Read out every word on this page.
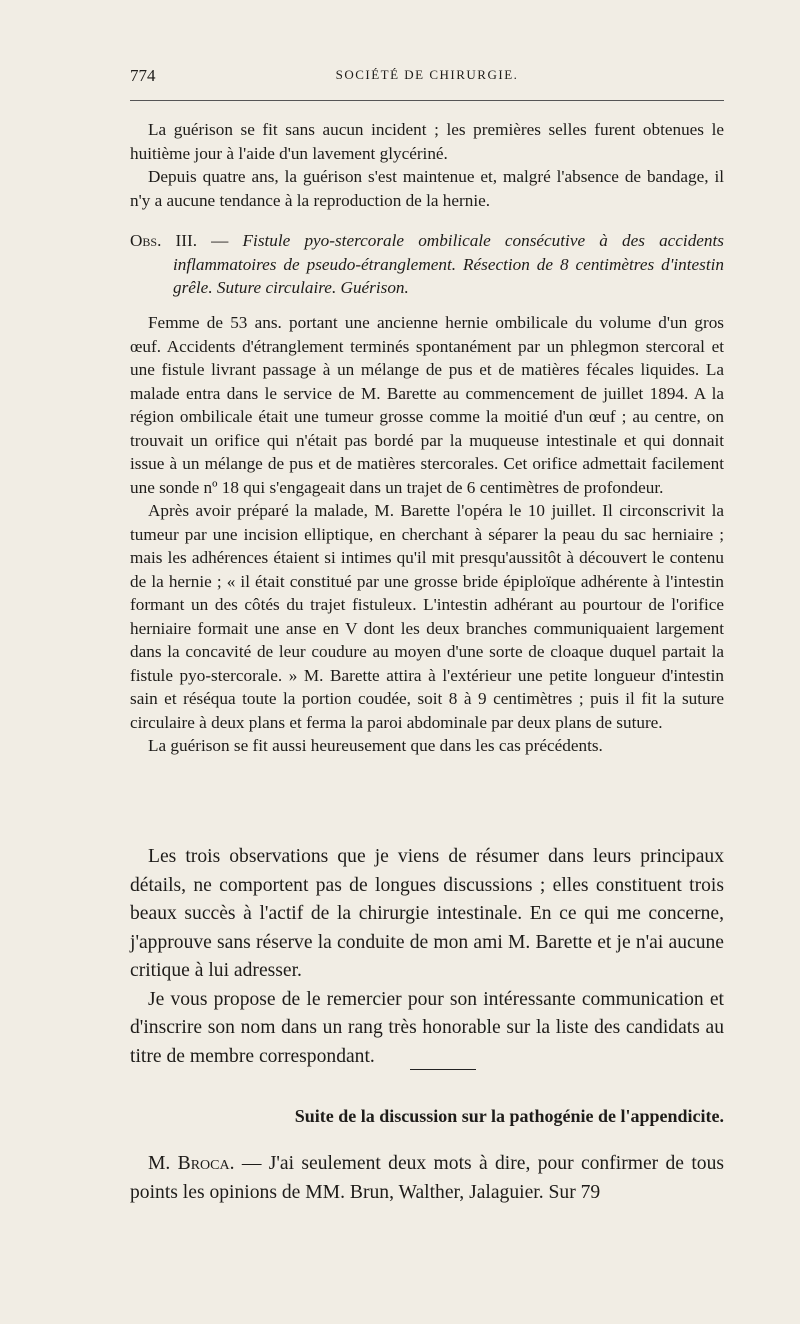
774	SOCIÉTÉ DE CHIRURGIE.

La guérison se fit sans aucun incident ; les premières selles furent obtenues le huitième jour à l'aide d'un lavement glycériné.

Depuis quatre ans, la guérison s'est maintenue et, malgré l'absence de bandage, il n'y a aucune tendance à la reproduction de la hernie.

Obs. III. — Fistule pyo-stercorale ombilicale consécutive à des accidents inflammatoires de pseudo-étranglement. Résection de 8 centimètres d'intestin grêle. Suture circulaire. Guérison.

Femme de 53 ans. portant une ancienne hernie ombilicale du volume d'un gros œuf. Accidents d'étranglement terminés spontanément par un phlegmon stercoral et une fistule livrant passage à un mélange de pus et de matières fécales liquides. La malade entra dans le service de M. Barette au commencement de juillet 1894. A la région ombilicale était une tumeur grosse comme la moitié d'un œuf ; au centre, on trouvait un orifice qui n'était pas bordé par la muqueuse intestinale et qui donnait issue à un mélange de pus et de matières stercorales. Cet orifice admettait facilement une sonde nº 18 qui s'engageait dans un trajet de 6 centimètres de profondeur.

Après avoir préparé la malade, M. Barette l'opéra le 10 juillet. Il circonscrivit la tumeur par une incision elliptique, en cherchant à séparer la peau du sac herniaire ; mais les adhérences étaient si intimes qu'il mit presqu'aussitôt à découvert le contenu de la hernie ; « il était constitué par une grosse bride épiploïque adhérente à l'intestin formant un des côtés du trajet fistuleux. L'intestin adhérant au pourtour de l'orifice herniaire formait une anse en V dont les deux branches communiquaient largement dans la concavité de leur coudure au moyen d'une sorte de cloaque duquel partait la fistule pyo-stercorale. » M. Barette attira à l'extérieur une petite longueur d'intestin sain et réséqua toute la portion coudée, soit 8 à 9 centimètres ; puis il fit la suture circulaire à deux plans et ferma la paroi abdominale par deux plans de suture.

La guérison se fit aussi heureusement que dans les cas précédents.

Les trois observations que je viens de résumer dans leurs principaux détails, ne comportent pas de longues discussions ; elles constituent trois beaux succès à l'actif de la chirurgie intestinale. En ce qui me concerne, j'approuve sans réserve la conduite de mon ami M. Barette et je n'ai aucune critique à lui adresser.

Je vous propose de le remercier pour son intéressante communication et d'inscrire son nom dans un rang très honorable sur la liste des candidats au titre de membre correspondant.

Suite de la discussion sur la pathogénie de l'appendicite.

M. Broca. — J'ai seulement deux mots à dire, pour confirmer de tous points les opinions de MM. Brun, Walther, Jalaguier. Sur 79
